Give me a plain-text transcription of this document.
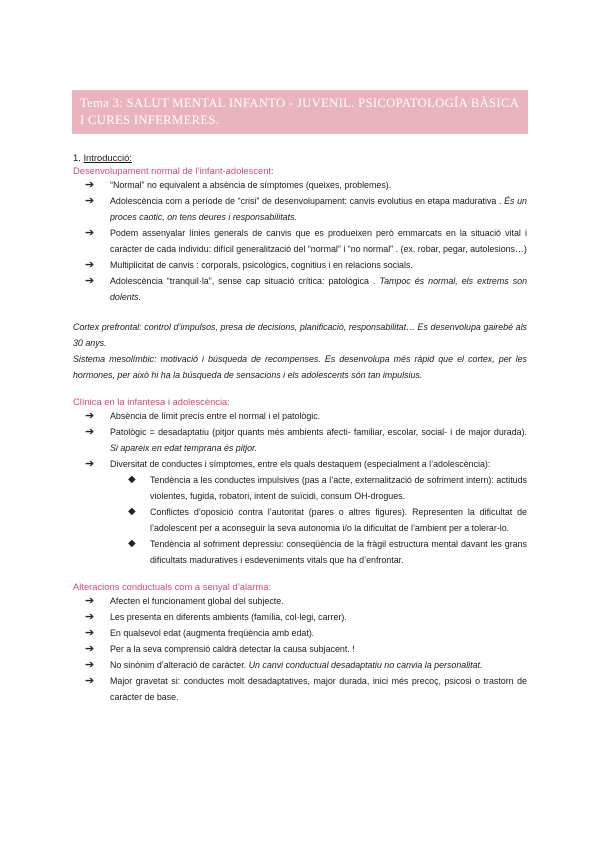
Tema 3: SALUT MENTAL INFANTO - JUVENIL. PSICOPATOLOGÍA BÀSICA I CURES INFERMERES.

1. Introducció:

Desenvolupament normal de l’infant-adolescent:

➔ “Normal” no equivalent a absència de símptomes (queixes, problemes).
➔ Adolescència com a període de “crisi” de desenvolupament: canvis evolutius en etapa madurativa . És un proces caotic, on tens deures i responsabilitats.
➔ Podem assenyalar línies generals de canvis que es produeixen però emmarcats en la situació vital i caràcter de cada individu: difícil generalització del “normal” i “no normal” . (ex. robar, pegar, autolesions…)
➔ Multiplicitat de canvis : corporals, psicològics, cognitius i en relacions socials.
➔ Adolescència “tranquil·la”, sense cap situació crítica: patològica . Tampoc és normal, els extrems son dolents.

Cortex prefrontal: control d’impulsos, presa de decisions, planificació, responsabilitat… Es desenvolupa gairebé als 30 anys.

Sistema mesolímbic: motivació i búsqueda de recompenses. Es desenvolupa més ràpid que el cortex, per les hormones, per això hi ha la búsqueda de sensacions i els adolescents són tan impulsius.

Clínica en la infantesa i adolescència:

➔ Absència de límit precís entre el normal i el patològic.
➔ Patològic = desadaptatiu (pitjor quants més ambients afecti- familiar, escolar, social- i de major durada). Si apareix en edat temprana és pitjor.
➔ Diversitat de conductes i símptomes, entre els quals destaquem (especialment a l’adolescència):
◆ Tendència a les conductes impulsives (pas a l’acte, externalització de sofriment intern): actituds violentes, fugida, robatori, intent de suïcidi, consum OH-drogues.
◆ Conflictes d’oposició contra l’autoritat (pares o altres figures). Representen la dificultat de l’adolescent per a aconseguir la seva autonomia i/o la dificultat de l’ambient per a tolerar-lo.
◆ Tendència al sofriment depressiu: conseqüència de la fràgil estructura mental davant les grans dificultats maduratives i esdeveniments vitals que ha d’enfrontar.

Alteracions conductuals com a senyal d’alarma:

➔ Afecten el funcionament global del subjecte.
➔ Les presenta en diferents ambients (família, col·legi, carrer).
➔ En qualsevol edat (augmenta freqüència amb edat).
➔ Per a la seva comprensió caldrà detectar la causa subjacent. !
➔ No sinònim d’alteració de caràcter. Un canvi conductual desadaptatiu no canvia la personalitat.
➔ Major gravetat si: conductes molt desadaptatives, major durada, inici més precoç, psicosi o trastorn de caràcter de base.
